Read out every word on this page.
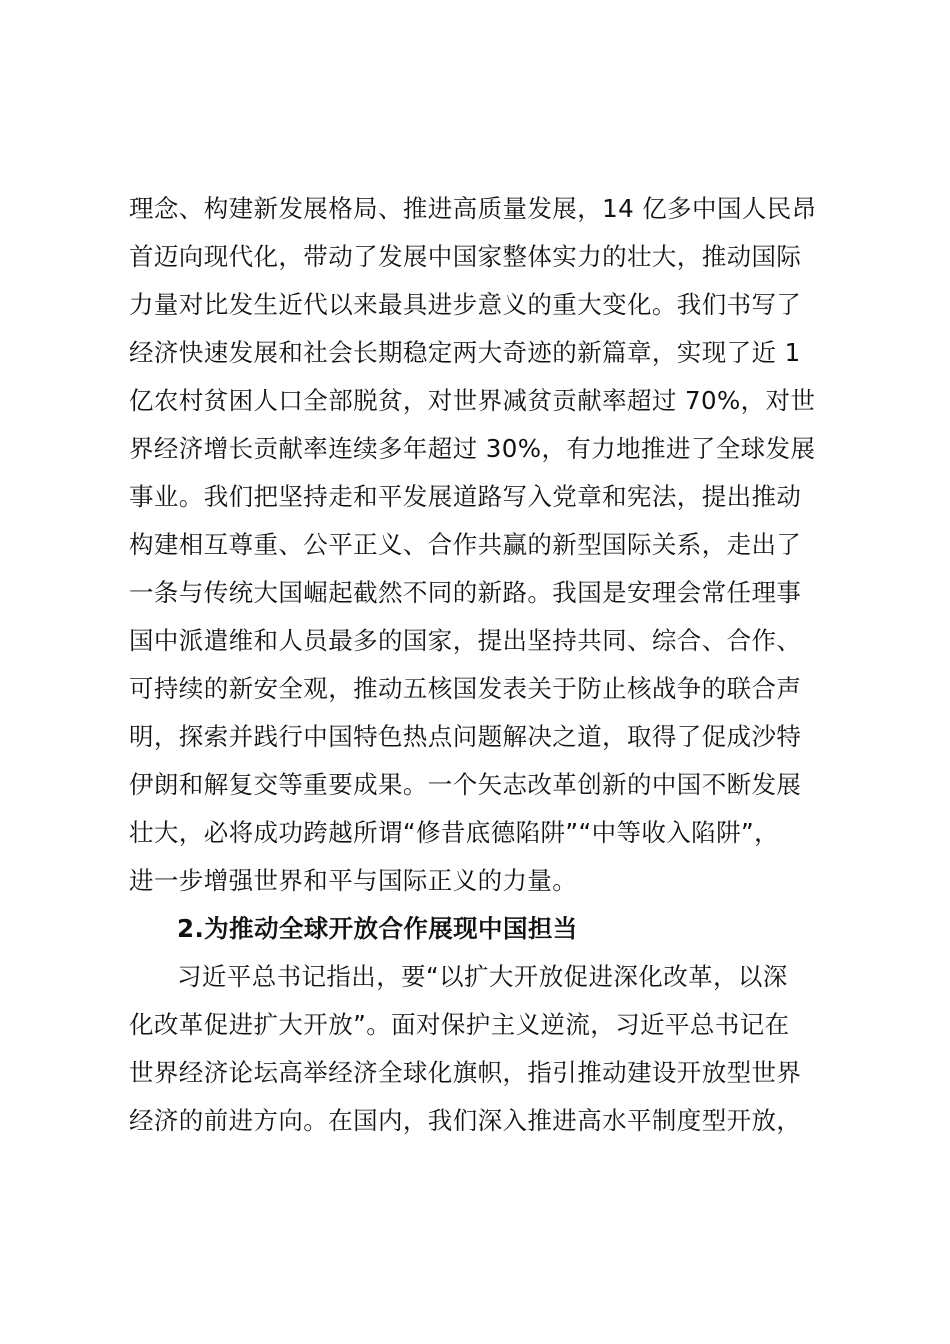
理念、构建新发展格局、推进高质量发展，14 亿多中国人民昂
首迈向现代化，带动了发展中国家整体实力的壮大，推动国际
力量对比发生近代以来最具进步意义的重大变化。我们书写了
经济快速发展和社会长期稳定两大奇迹的新篇章，实现了近 1
亿农村贫困人口全部脱贫，对世界减贫贡献率超过 70%，对世
界经济增长贡献率连续多年超过 30%，有力地推进了全球发展
事业。我们把坚持走和平发展道路写入党章和宪法，提出推动
构建相互尊重、公平正义、合作共赢的新型国际关系，走出了
一条与传统大国崛起截然不同的新路。我国是安理会常任理事
国中派遣维和人员最多的国家，提出坚持共同、综合、合作、
可持续的新安全观，推动五核国发表关于防止核战争的联合声
明，探索并践行中国特色热点问题解决之道，取得了促成沙特
伊朗和解复交等重要成果。一个矢志改革创新的中国不断发展
壮大，必将成功跨越所谓“修昔底德陷阱”“中等收入陷阱”，
进一步增强世界和平与国际正义的力量。
2.为推动全球开放合作展现中国担当
习近平总书记指出，要“以扩大开放促进深化改革，以深
化改革促进扩大开放”。面对保护主义逆流，习近平总书记在
世界经济论坛高举经济全球化旗帜，指引推动建设开放型世界
经济的前进方向。在国内，我们深入推进高水平制度型开放，
